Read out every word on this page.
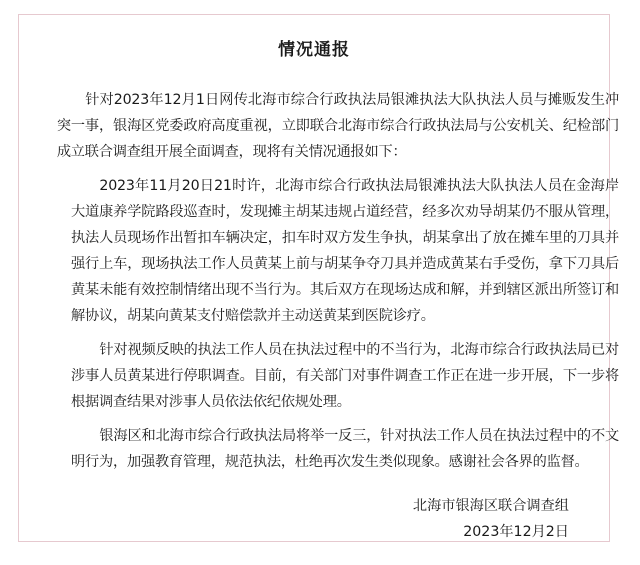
情况通报

针对2023年12月1日网传北海市综合行政执法局银滩执法大队执法人员与摊贩发生冲突一事，银海区党委政府高度重视，立即联合北海市综合行政执法局与公安机关、纪检部门成立联合调查组开展全面调查，现将有关情况通报如下：

2023年11月20日21时许，北海市综合行政执法局银滩执法大队执法人员在金海岸大道康养学院路段巡查时，发现摊主胡某违规占道经营，经多次劝导胡某仍不服从管理，执法人员现场作出暂扣车辆决定，扣车时双方发生争执，胡某拿出了放在摊车里的刀具并强行上车，现场执法工作人员黄某上前与胡某争夺刀具并造成黄某右手受伤，拿下刀具后黄某未能有效控制情绪出现不当行为。其后双方在现场达成和解，并到辖区派出所签订和解协议，胡某向黄某支付赔偿款并主动送黄某到医院诊疗。

针对视频反映的执法工作人员在执法过程中的不当行为，北海市综合行政执法局已对涉事人员黄某进行停职调查。目前，有关部门对事件调查工作正在进一步开展，下一步将根据调查结果对涉事人员依法依纪依规处理。

银海区和北海市综合行政执法局将举一反三，针对执法工作人员在执法过程中的不文明行为，加强教育管理，规范执法，杜绝再次发生类似现象。感谢社会各界的监督。

北海市银海区联合调查组
2023年12月2日
